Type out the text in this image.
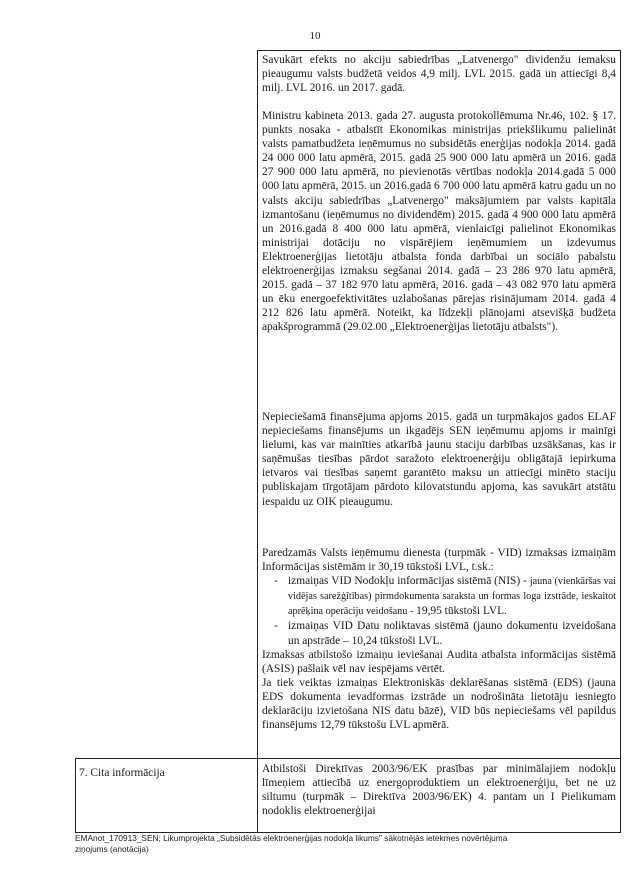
10

Savukārt efekts no akciju sabiedrības „Latvenergo" dividenžu iemaksu pieaugumu valsts budžetā veidos 4,9 milj. LVL 2015. gadā un attiecīgi 8,4 milj. LVL 2016. un 2017. gadā.

Ministru kabineta 2013. gada 27. augusta protokollēmuma Nr.46, 102. § 17. punkts nosaka - atbalstīt Ekonomikas ministrijas priekšlikumu palielināt valsts pamatbudžeta ieņēmumus no subsidētās enerģijas nodokļa 2014. gadā 24 000 000 latu apmērā, 2015. gadā 25 900 000 latu apmērā un 2016. gadā 27 900 000 latu apmērā, no pievienotās vērtības nodokļa 2014.gadā 5 000 000 latu apmērā, 2015. un 2016.gadā 6 700 000 latu apmērā katru gadu un no valsts akciju sabiedrības „Latvenergo" maksājumiem par valsts kapitāla izmantošanu (ieņēmumus no dividendēm) 2015. gadā 4 900 000 latu apmērā un 2016.gadā 8 400 000 latu apmērā, vienlaicīgi palielinot Ekonomikas ministrijai dotāciju no vispārējiem ieņēmumiem un izdevumus Elektroenerģijas lietotāju atbalsta fonda darbībai un sociālo pabalstu elektroenerģijas izmaksu segšanai 2014. gadā – 23 286 970 latu apmērā, 2015. gadā – 37 182 970 latu apmērā, 2016. gadā – 43 082 970 latu apmērā un ēku energoefektivitātes uzlabošanas pārejas risinājumam 2014. gadā 4 212 826 latu apmērā. Noteikt, ka līdzekļi plānojami atsevišķā budžeta apakšprogrammā (29.02.00 „Elektroenerģijas lietotāju atbalsts").

Nepieciešamā finansējuma apjoms 2015. gadā un turpmākajos gados ELAF nepieciešams finansējums un ikgadējs SEN ieņēmumu apjoms ir mainīgi lielumi, kas var mainīties atkarībā jaunu staciju darbības uzsākšanas, kas ir saņēmušas tiesības pārdot saražoto elektroenerģiju obligātajā iepirkuma ietvaros vai tiesības saņemt garantēto maksu un attiecīgi minēto staciju publiskajam tīrgotājam pārdoto kilovatstundu apjoma, kas savukārt atstātu iespaidu uz OIK pieaugumu.

Paredzamās Valsts ieņēmumu dienesta (turpmāk - VID) izmaksas izmaiņām Informācijas sistēmām ir 30,19 tūkstoši LVL, t.sk.:

- izmaiņas VID Nodokļu informācijas sistēmā (NIS) - jauna (vienkāršas vai vidējas sarežģītības) pirmdokumenta saraksta un formas loga izstrāde, ieskaitot aprēķina operāciju veidošanu - 19,95 tūkstoši LVL.
- izmaiņas VID Datu noliktavas sistēmā (jauno dokumentu izveidošana un apstrāde – 10,24 tūkstoši LVL.

Izmaksas atbilstošo izmaiņu ieviešanai Audita atbalsta informācijas sistēmā (ASIS) pašlaik vēl nav iespējams vērtēt.

Ja tiek veiktas izmaiņas Elektroniskās deklarēšanas sistēmā (EDS) (jauna EDS dokumenta ievadformas izstrāde un nodrošināta lietotāju iesniegto deklarāciju izvietošana NIS datu bāzē), VID būs nepieciešams vēl papildus finansējums 12,79 tūkstošu LVL apmērā.

7. Cita informācija	Atbilstoši Direktīvas 2003/96/EK prasības par minimālajiem nodokļu līmeņiem attiecībā uz energoproduktiem un elektroenerģiju, bet ne uz siltumu (turpmāk – Direktīva 2003/96/EK) 4. pantam un I Pielikumam nodoklis elektroenerģijai

EMAnot_170913_SEN; Likumprojekta „Subsidētās elektroenerģijas nodokļa likums" sākotnējās ietekmes novērtējuma
ziņojums (anotācija)
